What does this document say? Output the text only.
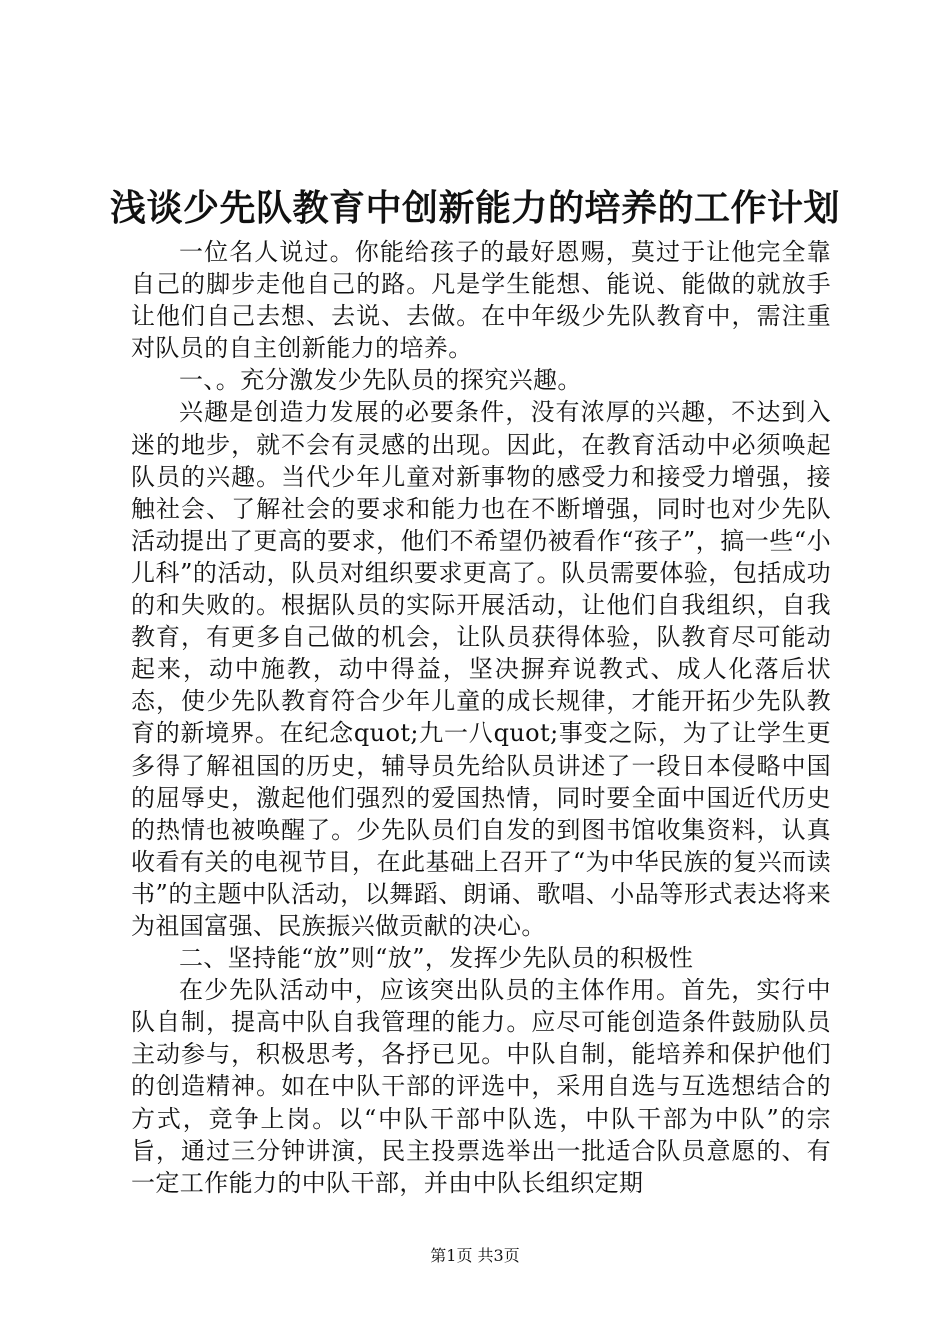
浅谈少先队教育中创新能力的培养的工作计划

一位名人说过。你能给孩子的最好恩赐，莫过于让他完全靠自己的脚步走他自己的路。凡是学生能想、能说、能做的就放手让他们自己去想、去说、去做。在中年级少先队教育中，需注重对队员的自主创新能力的培养。

一、。充分激发少先队员的探究兴趣。

兴趣是创造力发展的必要条件，没有浓厚的兴趣，不达到入迷的地步，就不会有灵感的出现。因此，在教育活动中必须唤起队员的兴趣。当代少年儿童对新事物的感受力和接受力增强，接触社会、了解社会的要求和能力也在不断增强，同时也对少先队活动提出了更高的要求，他们不希望仍被看作“孩子”，搞一些“小儿科”的活动，队员对组织要求更高了。队员需要体验，包括成功的和失败的。根据队员的实际开展活动，让他们自我组织，自我教育，有更多自己做的机会，让队员获得体验，队教育尽可能动起来，动中施教，动中得益，坚决摒弃说教式、成人化落后状态，使少先队教育符合少年儿童的成长规律，才能开拓少先队教育的新境界。在纪念quot;九一八quot;事变之际，为了让学生更多得了解祖国的历史，辅导员先给队员讲述了一段日本侵略中国的屈辱史，激起他们强烈的爱国热情，同时要全面中国近代历史的热情也被唤醒了。少先队员们自发的到图书馆收集资料，认真收看有关的电视节目，在此基础上召开了“为中华民族的复兴而读书”的主题中队活动，以舞蹈、朗诵、歌唱、小品等形式表达将来为祖国富强、民族振兴做贡献的决心。

二、坚持能“放”则“放”，发挥少先队员的积极性

在少先队活动中，应该突出队员的主体作用。首先，实行中队自制，提高中队自我管理的能力。应尽可能创造条件鼓励队员主动参与，积极思考，各抒已见。中队自制，能培养和保护他们的创造精神。如在中队干部的评选中，采用自选与互选想结合的方式，竞争上岗。以“中队干部中队选，中队干部为中队”的宗旨，通过三分钟讲演，民主投票选举出一批适合队员意愿的、有一定工作能力的中队干部，并由中队长组织定期

第1页 共3页
